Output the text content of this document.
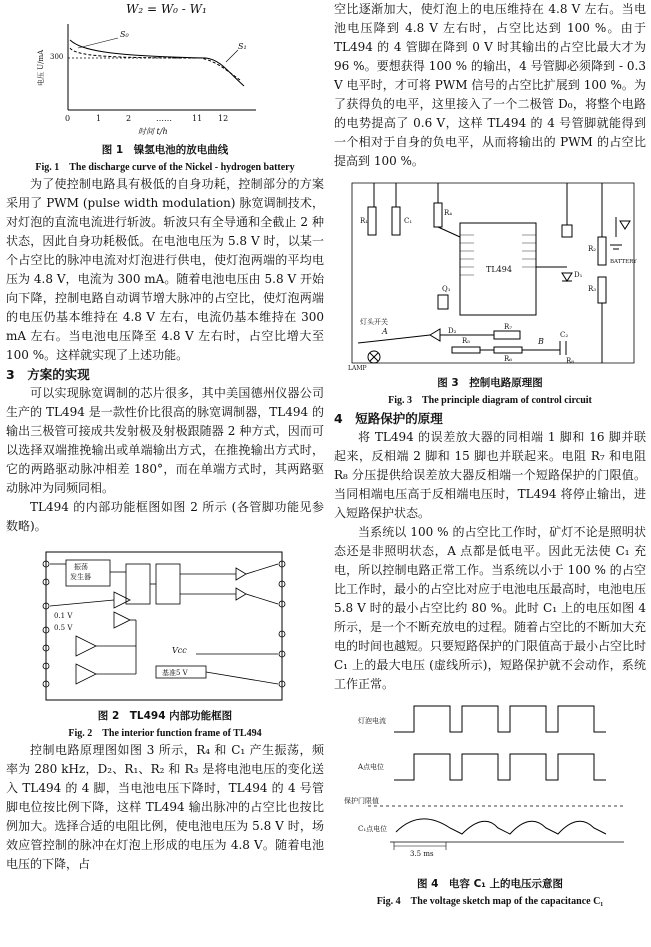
W₂ = W₀ - W₁
电压 U/mA 300
S₀
S₁
0	1	2	……	11 12
时间 t/h
图 1　镍氢电池的放电曲线
Fig. 1　The discharge curve of the Nickel - hydrogen battery

为了使控制电路具有极低的自身功耗，控制部分的方案采用了 PWM (pulse width modulation) 脉宽调制技术，对灯泡的直流电流进行斩波。斩波只有全导通和全截止 2 种状态，因此自身功耗极低。在电池电压为 5.8 V 时，以某一个占空比的脉冲电流对灯泡进行供电，使灯泡两端的平均电压为 4.8 V，电流为 300 mA。随着电池电压由 5.8 V 开始向下降，控制电路自动调节增大脉冲的占空比，使灯泡两端的电压仍基本维持在 4.8 V 左右，电流仍基本维持在 300 mA 左右。当电池电压降至 4.8 V 左右时，占空比增大至 100 %。这样就实现了上述功能。

3　方案的实现

可以实现脉宽调制的芯片很多，其中美国德州仪器公司生产的 TL494 是一款性价比很高的脉宽调制器，TL494 的输出三极管可接成共发射极及射极跟随器 2 种方式，因而可以选择双端推挽输出或单端输出方式，在推挽输出方式时，它的两路驱动脉冲相差 180°，而在单端方式时，其两路驱动脉冲为同频同相。

TL494 的内部功能框图如图 2 所示 (各管脚功能见参数略)。

振荡
发生器
0.1 V
0.5 V
Vcc
基准5 V
图 2　TL494 内部功能框图
Fig. 2　The interior function frame of TL494

控制电路原理图如图 3 所示，R₄ 和 C₁ 产生振荡，频率为 280 kHz，D₂、R₁、R₂ 和 R₃ 是将电池电压的变化送入 TL494 的 4 脚，当电池电压下降时，TL494 的 4 号管脚电位按比例下降，这样 TL494 输出脉冲的占空比也按比例加大。选择合适的电阻比例，使电池电压为 5.8 V 时，场效应管控制的脉冲在灯泡上形成的电压为 4.8 V。随着电池电压的下降，占

空比逐渐加大，使灯泡上的电压维持在 4.8 V 左右。当电池电压降到 4.8 V 左右时，占空比达到 100 %。由于 TL494 的 4 管脚在降到 0 V 时其输出的占空比最大才为 96 %。要想获得 100 % 的输出，4 号管脚必须降到 - 0.3 V 电平时，才可将 PWM 信号的占空比扩展到 100 %。为了获得负的电平，这里接入了一个二极管 D₀，将整个电路的电势提高了 0.6 V，这样 TL494 的 4 号管脚就能得到一个相对于自身的负电平，从而将输出的 PWM 的占空比提高到 100 %。

TL494
R₁	C₁
R₄
D₁
D₂
R₂
R₃
Q₁
灯头开关
LAMP
R₅
R₆
C₂
R₇
R₈
A
B
BATTERY
图 3　控制电路原理图
Fig. 3　The principle diagram of control circuit
4　短路保护的原理

将 TL494 的误差放大器的同相端 1 脚和 16 脚并联起来，反相端 2 脚和 15 脚也并联起来。电阻 R₇ 和电阻 R₈ 分压提供给误差放大器反相端一个短路保护的门限值。当同相端电压高于反相端电压时，TL494 将停止输出，进入短路保护状态。

当系统以 100 % 的占空比工作时，矿灯不论是照明状态还是非照明状态，A 点都是低电平。因此无法使 C₁ 充电，所以控制电路正常工作。当系统以小于 100 % 的占空比工作时，最小的占空比对应于电池电压最高时，电池电压 5.8 V 时的最小占空比约 80 %。此时 C₁ 上的电压如图 4 所示，是一个不断充放电的过程。随着占空比的不断加大充电的时间也越短。只要短路保护的门限值高于最小占空比时 C₁ 上的最大电压 (虚线所示)，短路保护就不会动作，系统工作正常。

灯泡电流
A点电位
保护门限值
C₁点电位
3.5 ms
图 4　电容 C₁ 上的电压示意图
Fig. 4　The voltage sketch map of the capacitance C₁
